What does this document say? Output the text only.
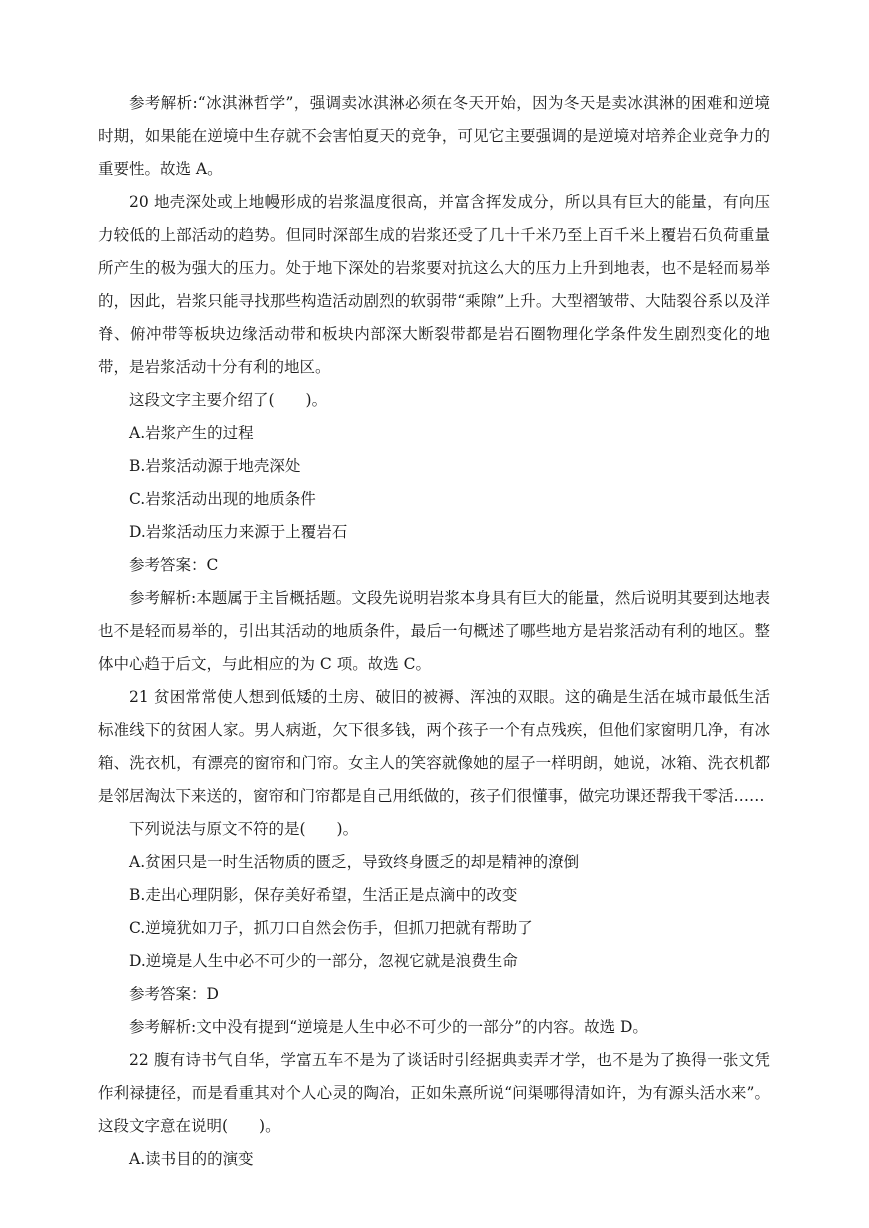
参考解析:“冰淇淋哲学”，强调卖冰淇淋必须在冬天开始，因为冬天是卖冰淇淋的困难和逆境时期，如果能在逆境中生存就不会害怕夏天的竞争，可见它主要强调的是逆境对培养企业竞争力的重要性。故选 A。

20 地壳深处或上地幔形成的岩浆温度很高，并富含挥发成分，所以具有巨大的能量，有向压力较低的上部活动的趋势。但同时深部生成的岩浆还受了几十千米乃至上百千米上覆岩石负荷重量所产生的极为强大的压力。处于地下深处的岩浆要对抗这么大的压力上升到地表，也不是轻而易举的，因此，岩浆只能寻找那些构造活动剧烈的软弱带“乘隙”上升。大型褶皱带、大陆裂谷系以及洋脊、俯冲带等板块边缘活动带和板块内部深大断裂带都是岩石圈物理化学条件发生剧烈变化的地带，是岩浆活动十分有利的地区。

这段文字主要介绍了(　　)。

A.岩浆产生的过程

B.岩浆活动源于地壳深处

C.岩浆活动出现的地质条件

D.岩浆活动压力来源于上覆岩石

参考答案：C

参考解析:本题属于主旨概括题。文段先说明岩浆本身具有巨大的能量，然后说明其要到达地表也不是轻而易举的，引出其活动的地质条件，最后一句概述了哪些地方是岩浆活动有利的地区。整体中心趋于后文，与此相应的为 C 项。故选 C。

21 贫困常常使人想到低矮的土房、破旧的被褥、浑浊的双眼。这的确是生活在城市最低生活标准线下的贫困人家。男人病逝，欠下很多钱，两个孩子一个有点残疾，但他们家窗明几净，有冰箱、洗衣机，有漂亮的窗帘和门帘。女主人的笑容就像她的屋子一样明朗，她说，冰箱、洗衣机都是邻居淘汰下来送的，窗帘和门帘都是自己用纸做的，孩子们很懂事，做完功课还帮我干零活……

下列说法与原文不符的是(　　)。

A.贫困只是一时生活物质的匮乏，导致终身匮乏的却是精神的潦倒

B.走出心理阴影，保存美好希望，生活正是点滴中的改变

C.逆境犹如刀子，抓刀口自然会伤手，但抓刀把就有帮助了

D.逆境是人生中必不可少的一部分，忽视它就是浪费生命

参考答案：D

参考解析:文中没有提到“逆境是人生中必不可少的一部分”的内容。故选 D。

22 腹有诗书气自华，学富五车不是为了谈话时引经据典卖弄才学，也不是为了换得一张文凭作利禄捷径，而是看重其对个人心灵的陶冶，正如朱熹所说“问渠哪得清如许，为有源头活水来”。这段文字意在说明(　　)。

A.读书目的的演变
